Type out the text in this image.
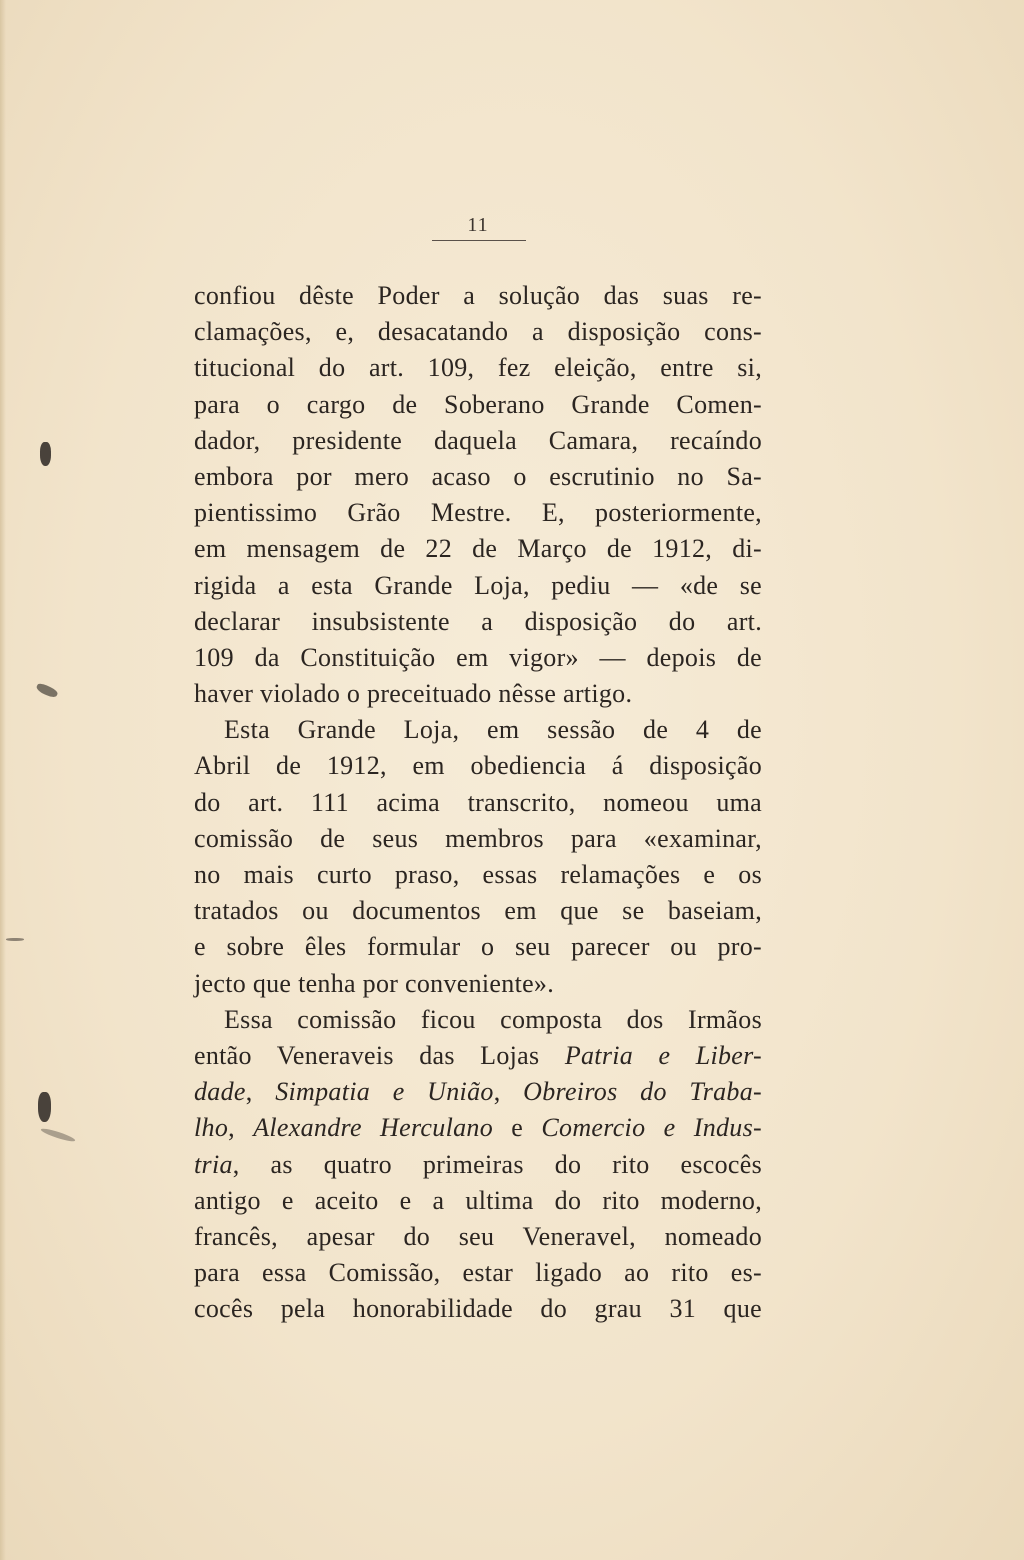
11
confiou dêste Poder a solução das suas re-
clamações, e, desacatando a disposição cons-
titucional do art. 109, fez eleição, entre si,
para o cargo de Soberano Grande Comen-
dador, presidente daquela Camara, recaíndo
embora por mero acaso o escrutinio no Sa-
pientissimo Grão Mestre. E, posteriormente,
em mensagem de 22 de Março de 1912, di-
rigida a esta Grande Loja, pediu — «de se
declarar insubsistente a disposição do art.
109 da Constituição em vigor» — depois de
haver violado o preceituado nêsse artigo.
Esta Grande Loja, em sessão de 4 de
Abril de 1912, em obediencia á disposição
do art. 111 acima transcrito, nomeou uma
comissão de seus membros para «examinar,
no mais curto praso, essas relamações e os
tratados ou documentos em que se baseiam,
e sobre êles formular o seu parecer ou pro-
jecto que tenha por conveniente».
Essa comissão ficou composta dos Irmãos
então Veneraveis das Lojas Patria e Liber-
dade, Simpatia e União, Obreiros do Traba-
lho, Alexandre Herculano e Comercio e Indus-
tria, as quatro primeiras do rito escocês
antigo e aceito e a ultima do rito moderno,
francês, apesar do seu Veneravel, nomeado
para essa Comissão, estar ligado ao rito es-
cocês pela honorabilidade do grau 31 que
